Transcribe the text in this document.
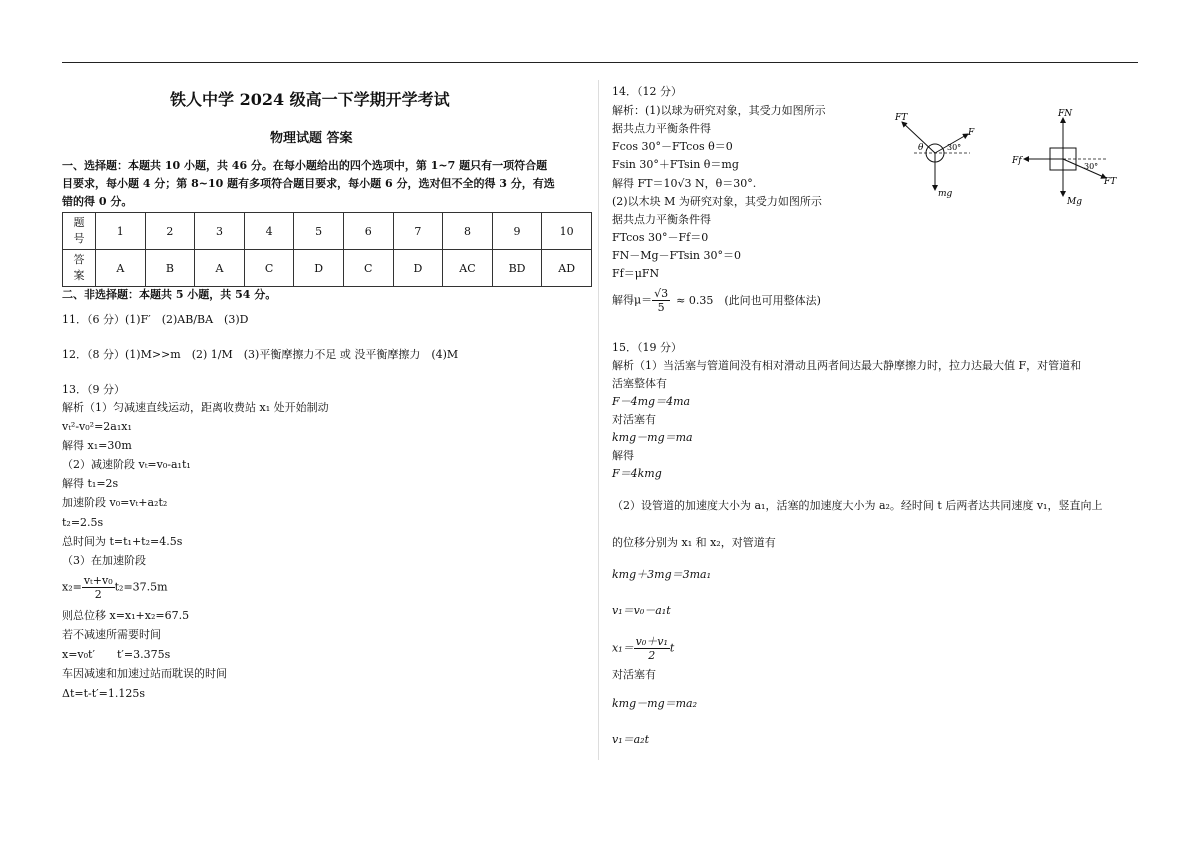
铁人中学 2024 级高一下学期开学考试
物理试题 答案
一、选择题：本题共 10 小题，共 46 分。在每小题给出的四个选项中，第 1~7 题只有一项符合题
目要求，每小题 4 分；第 8~10 题有多项符合题目要求，每小题 6 分，选对但不全的得 3 分，有选
错的得 0 分。
题号	1	2	3	4	5	6	7	8	9	10

答案	A	B	A	C	D	C	D	AC	BD	AD
二、非选择题：本题共 5 小题，共 54 分。
11．（6 分）(1)F′　(2)AB/BA　(3)D
12．（8 分）(1)M>>m　(2) 1/M　(3)平衡摩擦力不足 或 没平衡摩擦力　(4)M
13．（9 分）
解析（1）匀减速直线运动，距离收费站 x₁ 处开始制动
vₜ²-v₀²=2a₁x₁
解得 x₁=30m
（2）减速阶段 vₜ=v₀-a₁t₁
解得 t₁=2s
加速阶段 v₀=vₜ+a₂t₂
t₂=2.5s
总时间为 t=t₁+t₂=4.5s
（3）在加速阶段
$x_2= \frac{\text{vₜ+v₀}}{2} t_2=37.5m$
则总位移 x=x₁+x₂=67.5
若不减速所需要时间
x=v₀t′　　t′=3.375s
车因减速和加速过站而耽误的时间
Δt=t-t′=1.125s
14．（12 分）
解析：(1)以球为研究对象，其受力如图所示
据共点力平衡条件得
Fcos 30°－FTcos θ＝0
Fsin 30°＋FTsin θ＝mg
解得 FT＝10√3 N，θ＝30°.
(2)以木块 M 为研究对象，其受力如图所示
据共点力平衡条件得
FTcos 30°－Ff＝0
FN－Mg－FTsin 30°＝0
Ff＝μFN
解得$\mu= \frac{√3}{5} \approx 0.35$　(此问也可用整体法)
FT
F
θ	30°
mg
FN
Ff
30°
FT
Mg
15．（19 分）
解析（1）当活塞与管道间没有相对滑动且两者间达最大静摩擦力时，拉力达最大值 F，对管道和
活塞整体有
F－4mg＝4ma
对活塞有
kmg－mg＝ma
解得
F＝4kmg
（2）设管道的加速度大小为 a₁，活塞的加速度大小为 a₂。经时间 t 后两者达共同速度 v₁，竖直向上
的位移分别为 x₁ 和 x₂，对管道有
kmg＋3mg＝3ma₁
v₁＝v₀－a₁t
$x_1= \frac{\text{v₀＋v₁}}{2}$ t
对活塞有
kmg－mg＝ma₂
v₁＝a₂t
